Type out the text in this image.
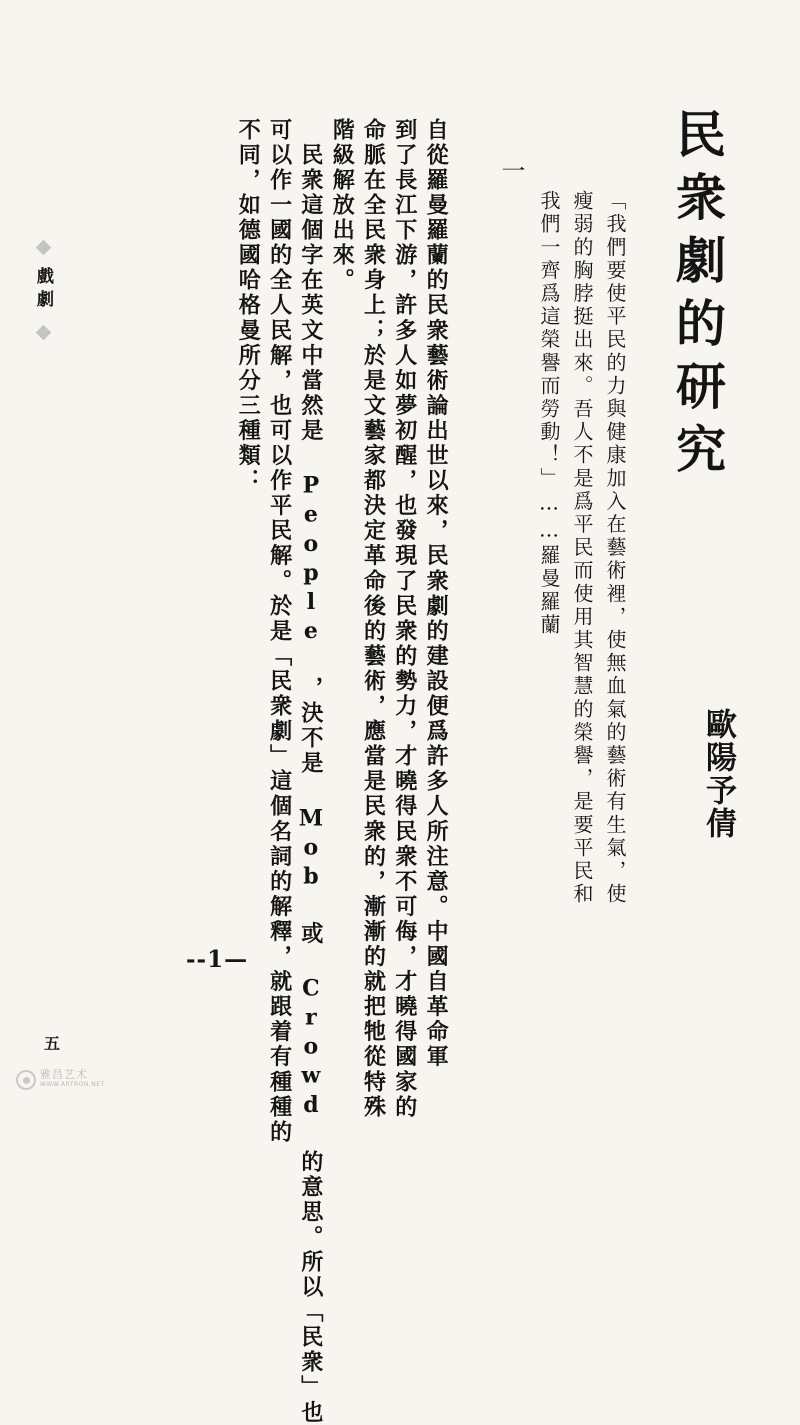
民衆劇的研究
歐陽予倩
「我們要使平民的力與健康加入在藝術裡，使無血氣的藝術有生氣，使
瘦弱的胸脖挺出來。吾人不是爲平民而使用其智慧的榮譽，是要平民和
我們一齊爲這榮譽而勞動！」……羅曼羅蘭
一
自從羅曼羅蘭的民衆藝術論出世以來，民衆劇的建設便爲許多人所注意。中國自革命軍
到了長江下游，許多人如夢初醒，也發現了民衆的勢力，才曉得民衆不可侮，才曉得國家的
命脈在全民衆身上；於是文藝家都決定革命後的藝術，應當是民衆的，漸漸的就把牠從特殊
階級解放出來。
　民衆這個字在英文中當然是 People ，決不是 Mob 或 Crowd 的意思。所以「民衆」也
可以作一國的全人民解，也可以作平民解。於是「民衆劇」這個名詞的解釋，就跟着有種種的
不同，如德國哈格曼所分三種類：
戲劇
--1—
五
雅昌艺术
WWW.ARTRON.NET
